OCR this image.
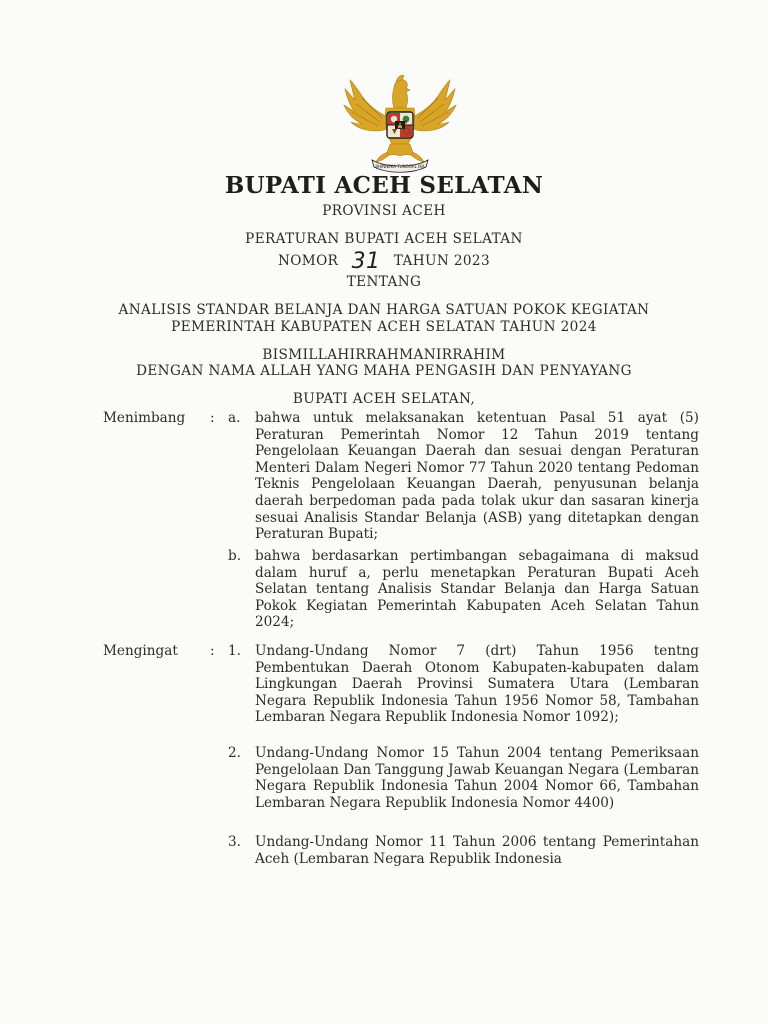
BHINNEKA TUNGGAL IKA
BUPATI ACEH SELATAN
PROVINSI ACEH
PERATURAN BUPATI ACEH SELATAN
NOMOR 31 TAHUN 2023
TENTANG
ANALISIS STANDAR BELANJA DAN HARGA SATUAN POKOK KEGIATAN
PEMERINTAH KABUPATEN ACEH SELATAN TAHUN 2024
BISMILLAHIRRAHMANIRRAHIM
DENGAN NAMA ALLAH YANG MAHA PENGASIH DAN PENYAYANG
BUPATI ACEH SELATAN,
Menimbang : a. bahwa untuk melaksanakan ketentuan Pasal 51 ayat (5) Peraturan Pemerintah Nomor 12 Tahun 2019 tentang Pengelolaan Keuangan Daerah dan sesuai dengan Peraturan Menteri Dalam Negeri Nomor 77 Tahun 2020 tentang Pedoman Teknis Pengelolaan Keuangan Daerah, penyusunan belanja daerah berpedoman pada pada tolak ukur dan sasaran kinerja sesuai Analisis Standar Belanja (ASB) yang ditetapkan dengan Peraturan Bupati;
b. bahwa berdasarkan pertimbangan sebagaimana di maksud dalam huruf a, perlu menetapkan Peraturan Bupati Aceh Selatan tentang Analisis Standar Belanja dan Harga Satuan Pokok Kegiatan Pemerintah Kabupaten Aceh Selatan Tahun 2024;
Mengingat : 1. Undang-Undang Nomor 7 (drt) Tahun 1956 tentng Pembentukan Daerah Otonom Kabupaten-kabupaten dalam Lingkungan Daerah Provinsi Sumatera Utara (Lembaran Negara Republik Indonesia Tahun 1956 Nomor 58, Tambahan Lembaran Negara Republik Indonesia Nomor 1092);
2. Undang-Undang Nomor 15 Tahun 2004 tentang Pemeriksaan Pengelolaan Dan Tanggung Jawab Keuangan Negara (Lembaran Negara Republik Indonesia Tahun 2004 Nomor 66, Tambahan Lembaran Negara Republik Indonesia Nomor 4400)
3. Undang-Undang Nomor 11 Tahun 2006 tentang Pemerintahan Aceh (Lembaran Negara Republik Indonesia
